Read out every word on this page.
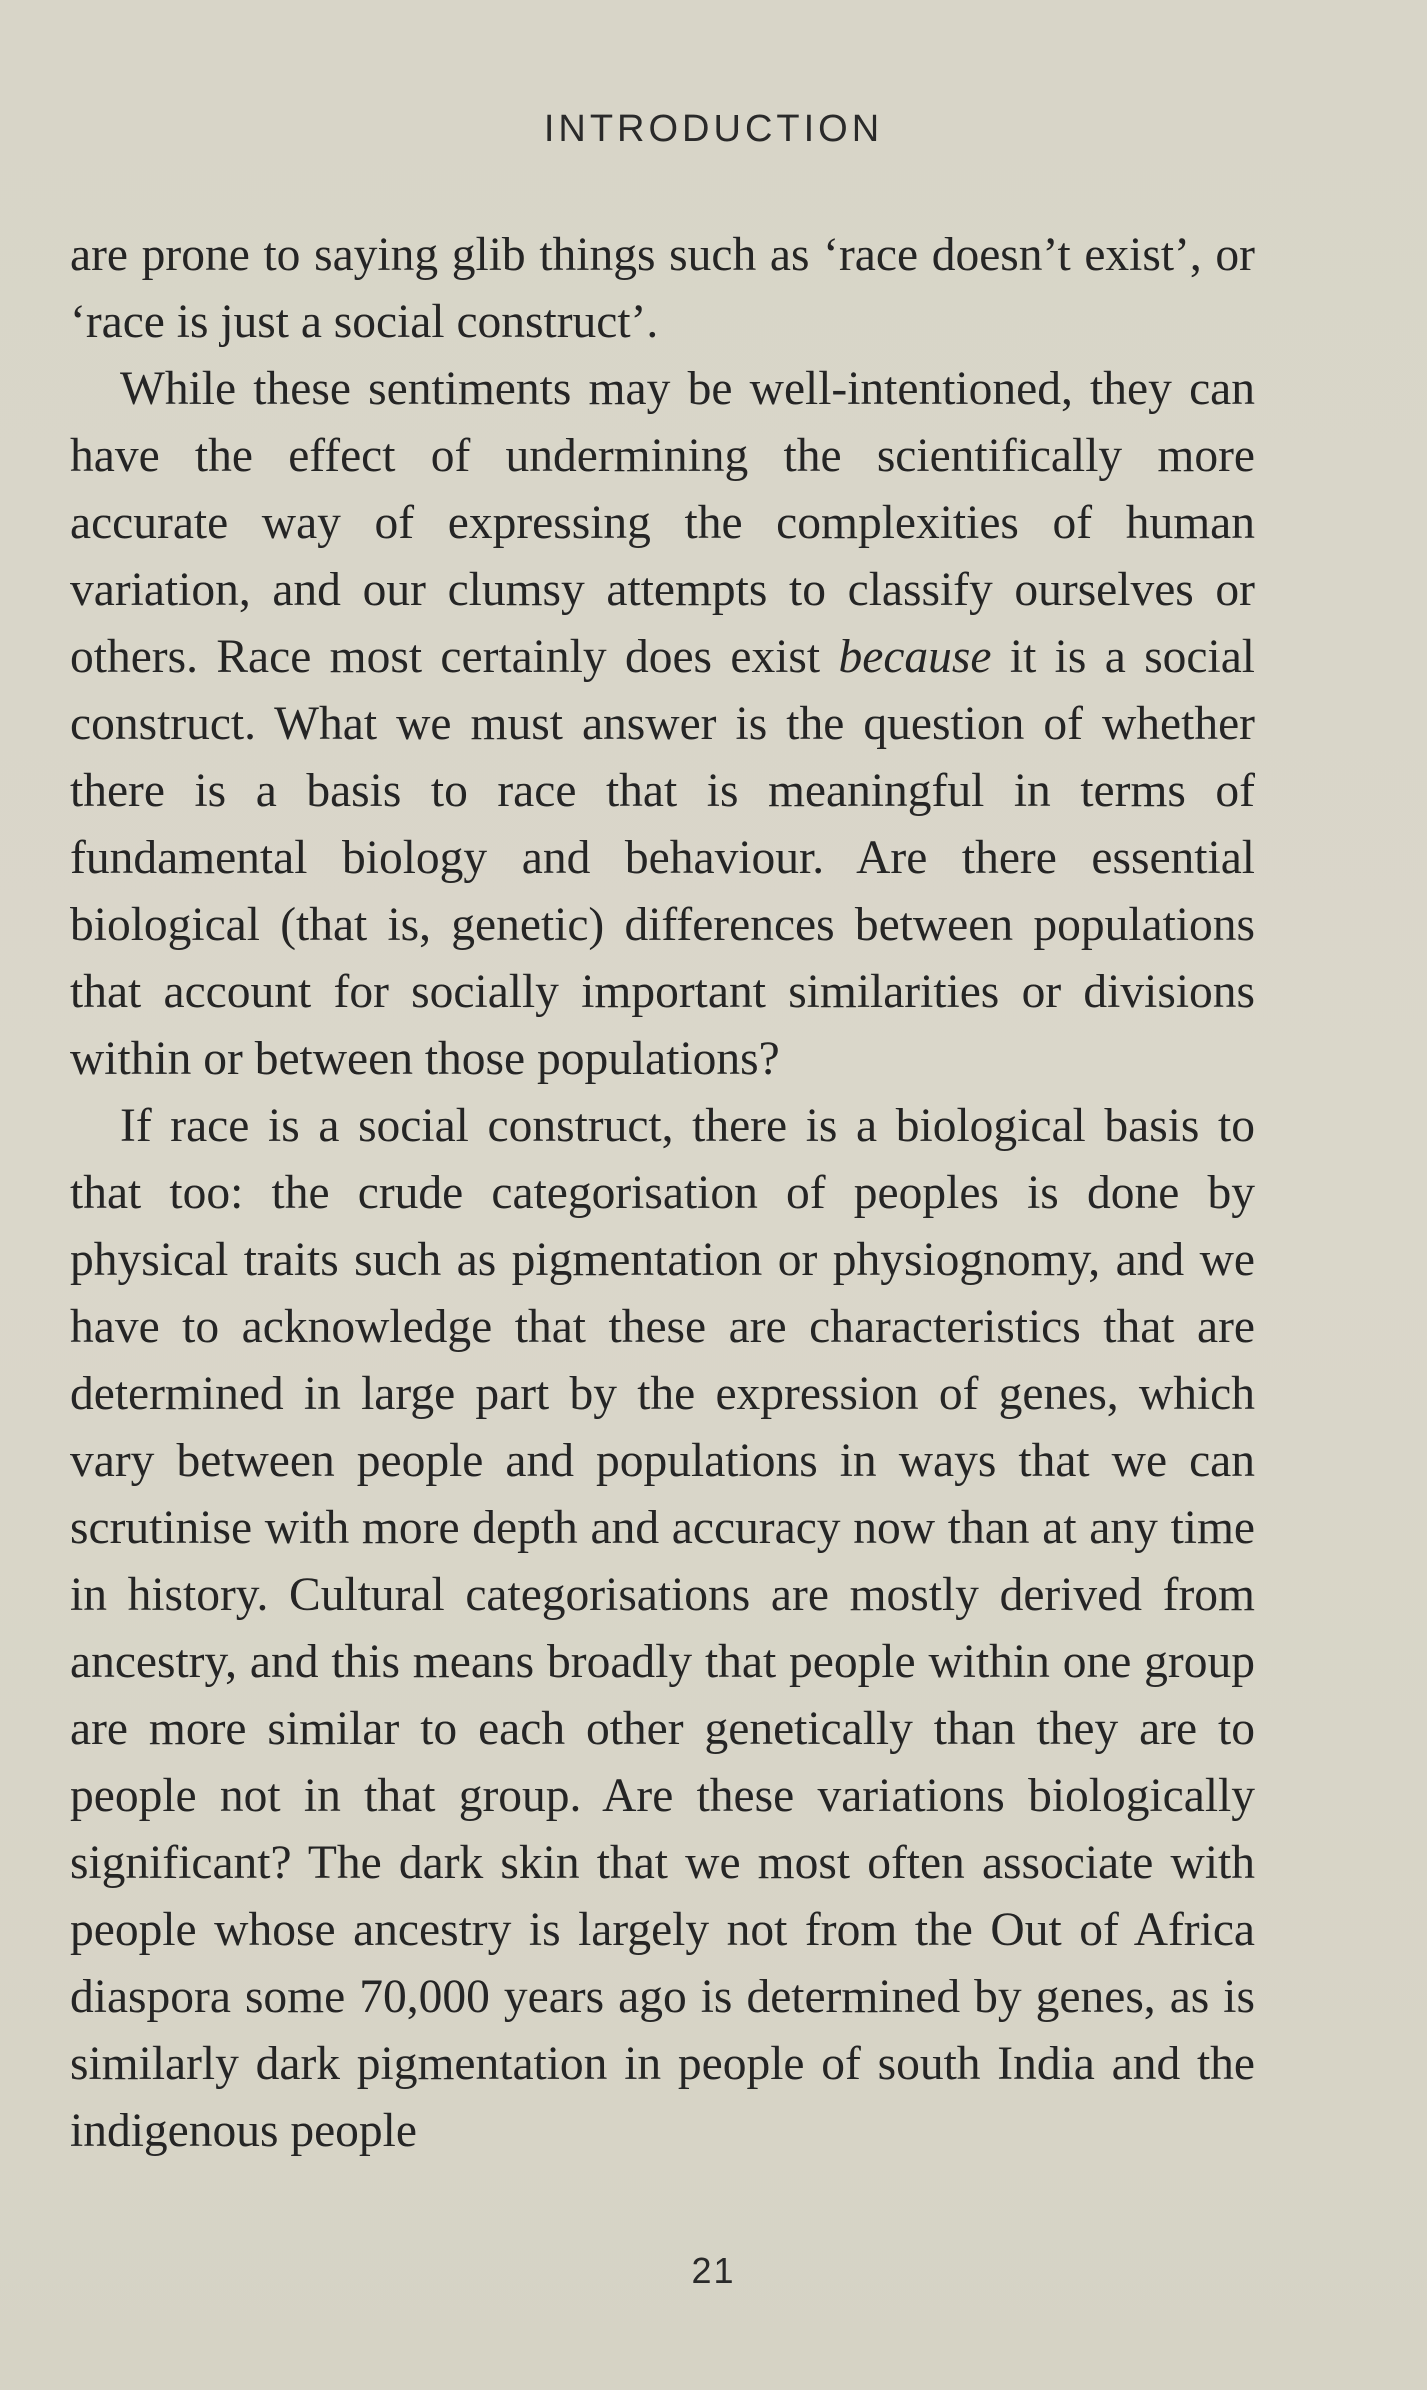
INTRODUCTION

are prone to saying glib things such as ‘race doesn’t exist’, or ‘race is just a social construct’.

While these sentiments may be well-intentioned, they can have the effect of undermining the scientifically more accurate way of expressing the complexities of human variation, and our clumsy attempts to classify ourselves or others. Race most certainly does exist because it is a social construct. What we must answer is the question of whether there is a basis to race that is meaningful in terms of fundamental biology and behaviour. Are there essential biological (that is, genetic) differences between populations that account for socially important similarities or divisions within or between those populations?

If race is a social construct, there is a biological basis to that too: the crude categorisation of peoples is done by physical traits such as pigmentation or physiognomy, and we have to acknowledge that these are characteristics that are determined in large part by the expression of genes, which vary between people and populations in ways that we can scrutinise with more depth and accuracy now than at any time in history. Cultural categorisations are mostly derived from ancestry, and this means broadly that people within one group are more similar to each other genetically than they are to people not in that group. Are these variations biologically significant? The dark skin that we most often associate with people whose ancestry is largely not from the Out of Africa diaspora some 70,000 years ago is determined by genes, as is similarly dark pigmentation in people of south India and the indigenous people

21
